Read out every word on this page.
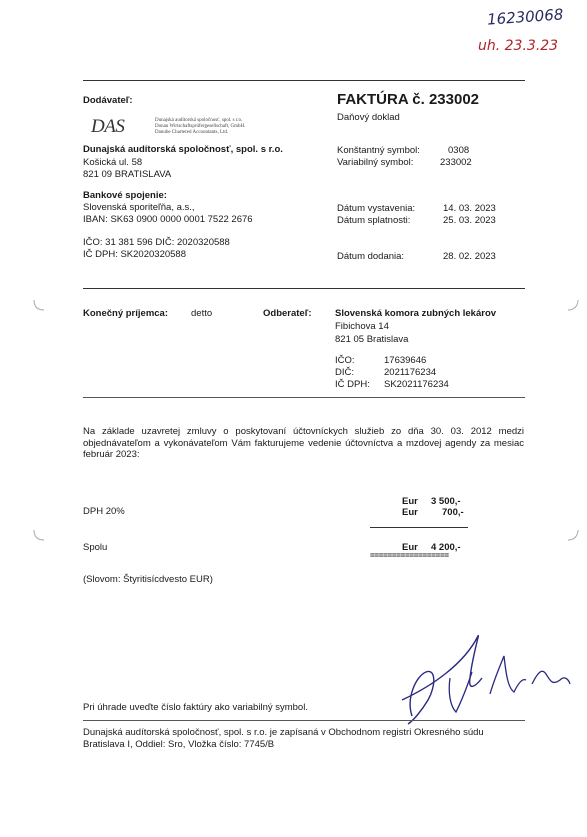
16230068
uh. 23.3.23
Dodávateľ:
DAS	Dunajská audítorská spoločnosť, spol. s r.o.
Donau Wirtschaftsprüfergesellschaft, GmbH.
Danube Chartered Accountants, Ltd.
Dunajská audítorská spoločnosť, spol. s r.o.
Košická ul. 58
821 09 BRATISLAVA
Bankové spojenie:
Slovenská sporiteľňa, a.s.,
IBAN: SK63 0900 0000 0001 7522 2676
IČO: 31 381 596 DIČ: 2020320588
IČ DPH: SK2020320588
FAKTÚRA č. 233002
Daňový doklad
Konštantný symbol:	0308
Variabilný symbol:	233002
Dátum vystavenia:	14. 03. 2023
Dátum splatnosti:	25. 03. 2023
Dátum dodania:	28. 02. 2023
Konečný príjemca: detto	Odberateľ: Slovenská komora zubných lekárov
Fibichova 14
821 05 Bratislava
IČO:	17639646
DIČ:	2021176234
IČ DPH: SK2021176234
Na základe uzavretej zmluvy o poskytovaní účtovníckych služieb zo dňa 30. 03. 2012 medzi objednávateľom a vykonávateľom Vám fakturujeme vedenie účtovníctva a mzdovej agendy za mesiac február 2023:
Eur 3 500,-
DPH 20%	Eur	700,-
Spolu	Eur 4 200,-
==================
(Slovom: Štyritisícdvesto EUR)
Pri úhrade uveďte číslo faktúry ako variabilný symbol.
Dunajská audítorská spoločnosť, spol. s r.o. je zapísaná v Obchodnom registri Okresného súdu
Bratislava I, Oddiel: Sro, Vložka číslo: 7745/B
